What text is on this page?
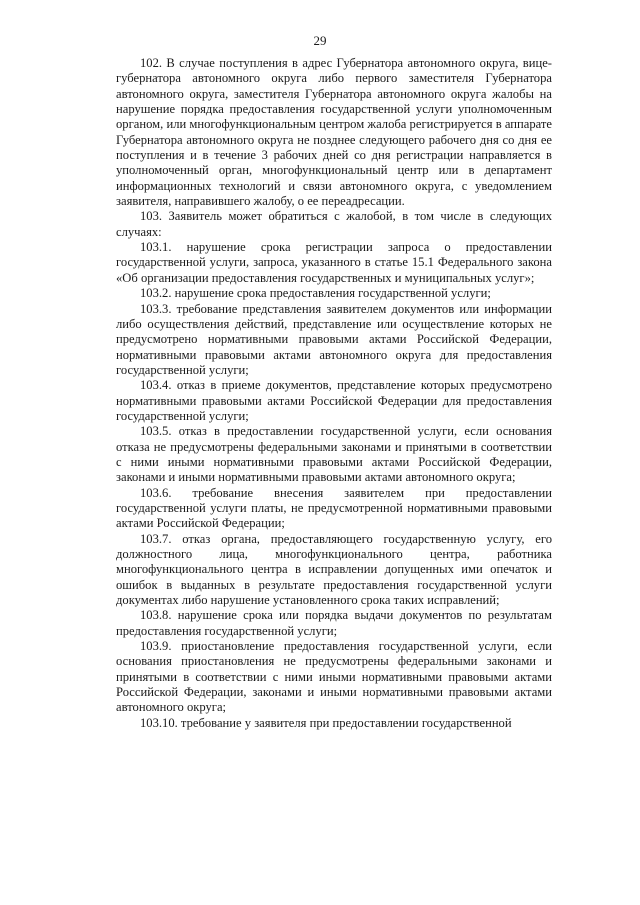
29

102. В случае поступления в адрес Губернатора автономного округа, вице-губернатора автономного округа либо первого заместителя Губернатора автономного округа, заместителя Губернатора автономного округа жалобы на нарушение порядка предоставления государственной услуги уполномоченным органом, или многофункциональным центром жалоба регистрируется в аппарате Губернатора автономного округа не позднее следующего рабочего дня со дня ее поступления и в течение 3 рабочих дней со дня регистрации направляется в уполномоченный орган, многофункциональный центр или в департамент информационных технологий и связи автономного округа, с уведомлением заявителя, направившего жалобу, о ее переадресации.

103. Заявитель может обратиться с жалобой, в том числе в следующих случаях:

103.1. нарушение срока регистрации запроса о предоставлении государственной услуги, запроса, указанного в статье 15.1 Федерального закона «Об организации предоставления государственных и муниципальных услуг»;

103.2. нарушение срока предоставления государственной услуги;

103.3. требование представления заявителем документов или информации либо осуществления действий, представление или осуществление которых не предусмотрено нормативными правовыми актами Российской Федерации, нормативными правовыми актами автономного округа для предоставления государственной услуги;

103.4. отказ в приеме документов, представление которых предусмотрено нормативными правовыми актами Российской Федерации для предоставления государственной услуги;

103.5. отказ в предоставлении государственной услуги, если основания отказа не предусмотрены федеральными законами и принятыми в соответствии с ними иными нормативными правовыми актами Российской Федерации, законами и иными нормативными правовыми актами автономного округа;

103.6. требование внесения заявителем при предоставлении государственной услуги платы, не предусмотренной нормативными правовыми актами Российской Федерации;

103.7. отказ органа, предоставляющего государственную услугу, его должностного лица, многофункционального центра, работника многофункционального центра в исправлении допущенных ими опечаток и ошибок в выданных в результате предоставления государственной услуги документах либо нарушение установленного срока таких исправлений;

103.8. нарушение срока или порядка выдачи документов по результатам предоставления государственной услуги;

103.9. приостановление предоставления государственной услуги, если основания приостановления не предусмотрены федеральными законами и принятыми в соответствии с ними иными нормативными правовыми актами Российской Федерации, законами и иными нормативными правовыми актами автономного округа;

103.10. требование у заявителя при предоставлении государственной
